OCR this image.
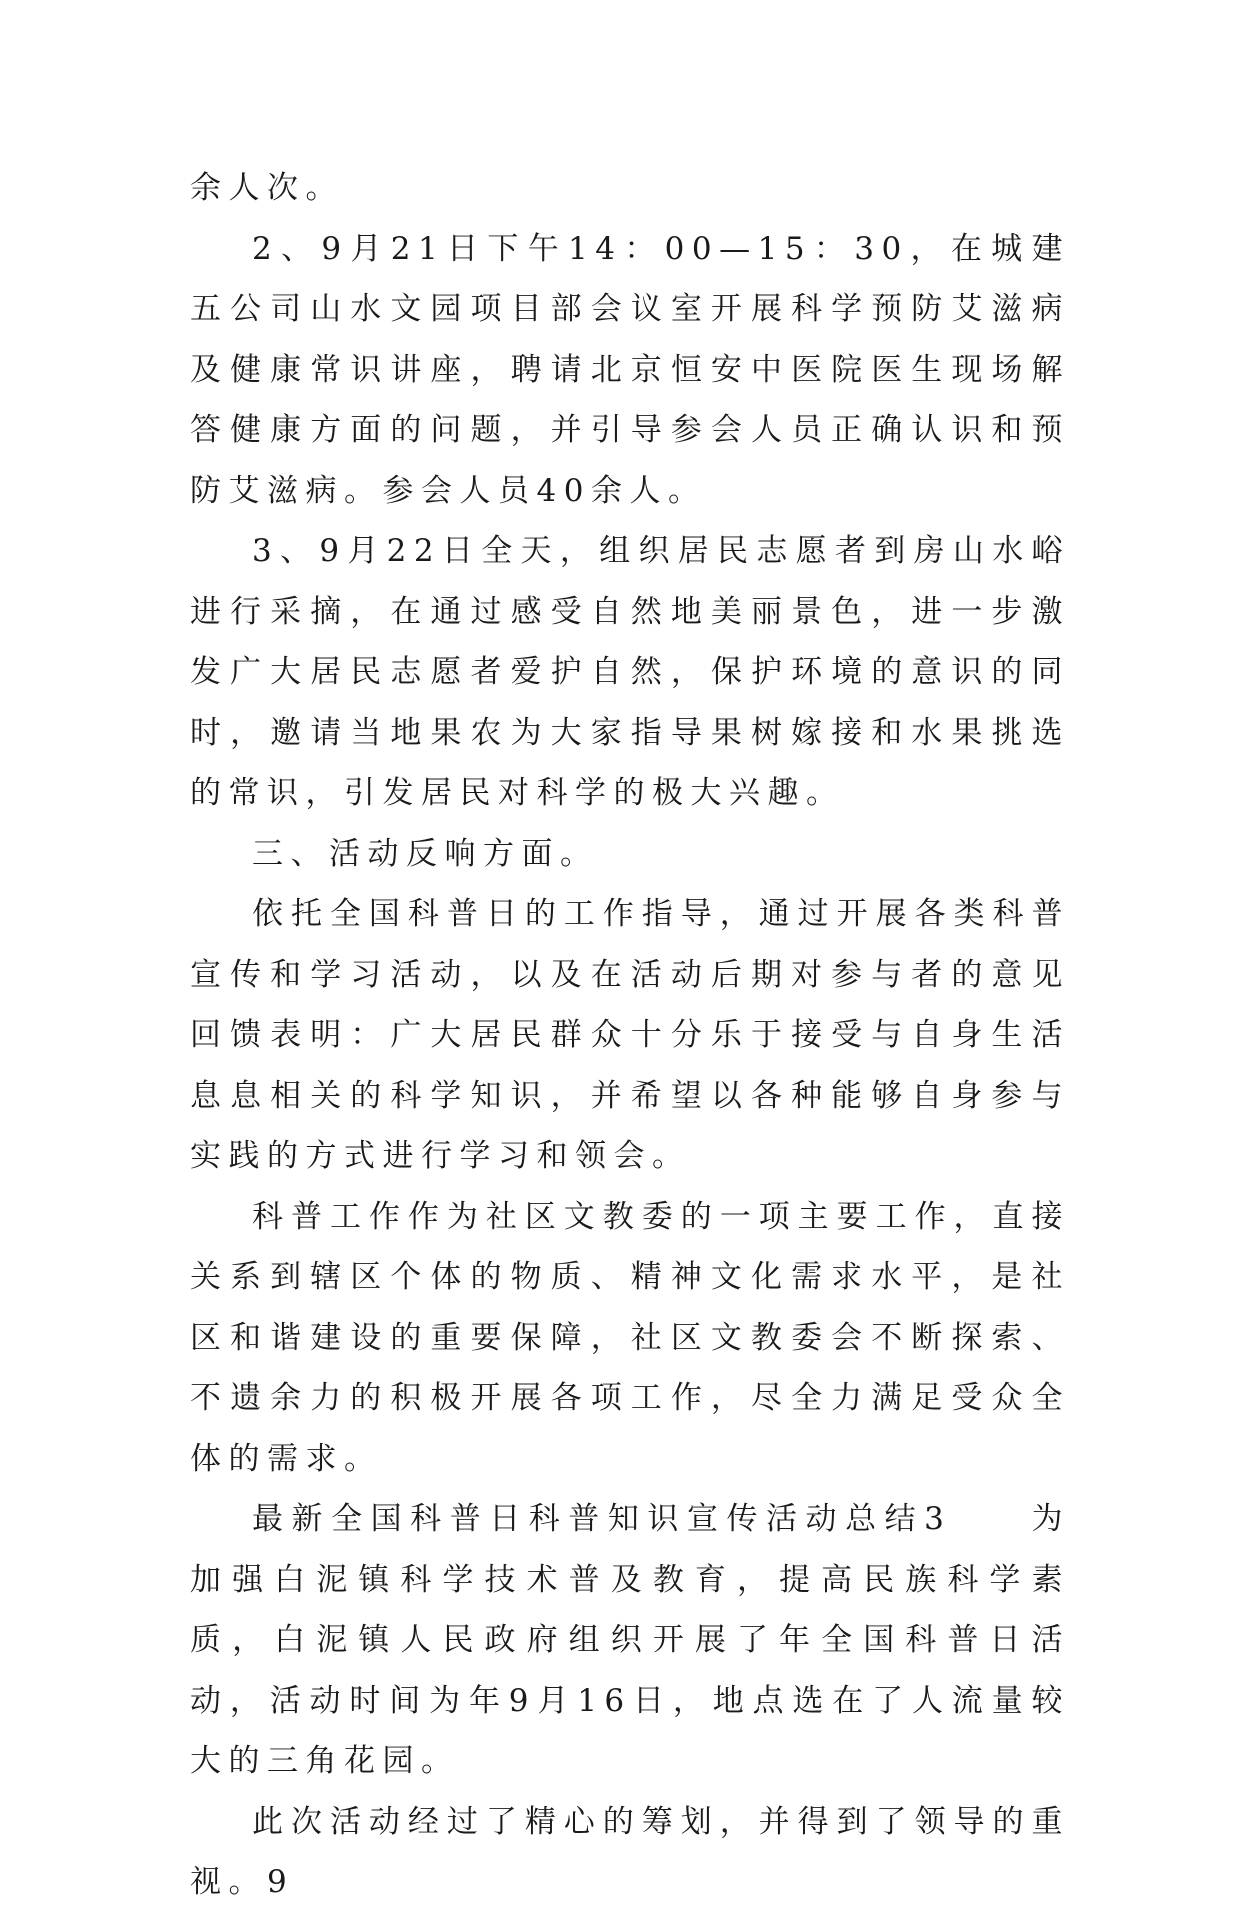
余人次。

2、9月21日下午14：00—15：30，在城建五公司山水文园项目部会议室开展科学预防艾滋病及健康常识讲座，聘请北京恒安中医院医生现场解答健康方面的问题，并引导参会人员正确认识和预防艾滋病。参会人员40余人。

3、9月22日全天，组织居民志愿者到房山水峪进行采摘，在通过感受自然地美丽景色，进一步激发广大居民志愿者爱护自然，保护环境的意识的同时，邀请当地果农为大家指导果树嫁接和水果挑选的常识，引发居民对科学的极大兴趣。

三、活动反响方面。

依托全国科普日的工作指导，通过开展各类科普宣传和学习活动，以及在活动后期对参与者的意见回馈表明：广大居民群众十分乐于接受与自身生活息息相关的科学知识，并希望以各种能够自身参与实践的方式进行学习和领会。

科普工作作为社区文教委的一项主要工作，直接关系到辖区个体的物质、精神文化需求水平，是社区和谐建设的重要保障，社区文教委会不断探索、不遗余力的积极开展各项工作，尽全力满足受众全体的需求。

最新全国科普日科普知识宣传活动总结3　　为加强白泥镇科学技术普及教育，提高民族科学素质，白泥镇人民政府组织开展了年全国科普日活动，活动时间为年9月16日，地点选在了人流量较大的三角花园。

此次活动经过了精心的筹划，并得到了领导的重视。9
